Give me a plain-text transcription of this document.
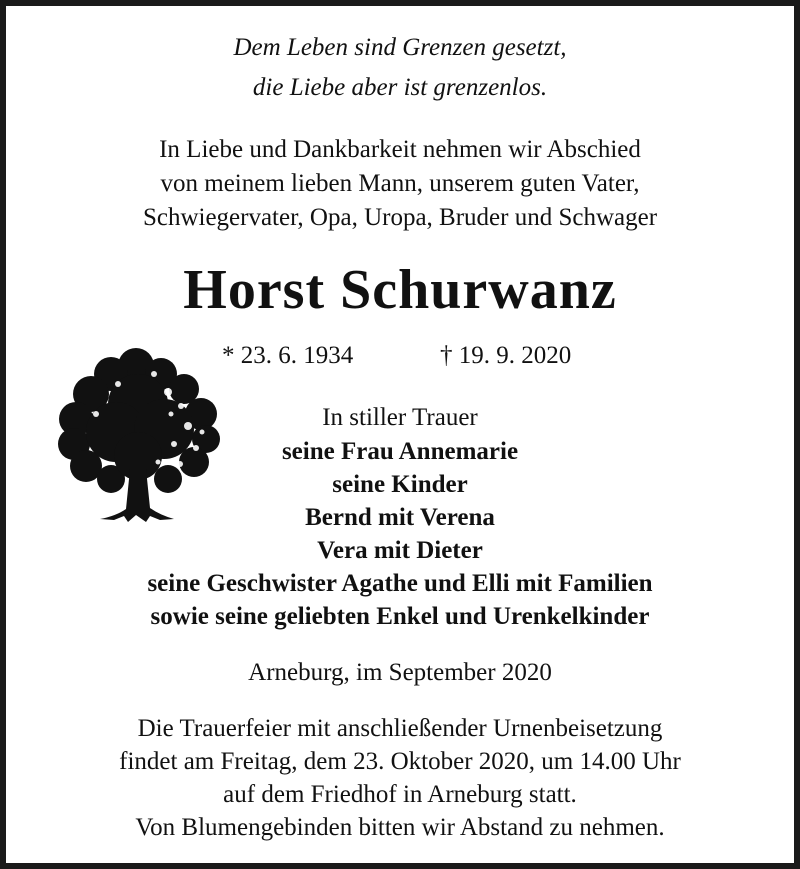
Dem Leben sind Grenzen gesetzt,
die Liebe aber ist grenzenlos.
In Liebe und Dankbarkeit nehmen wir Abschied
von meinem lieben Mann, unserem guten Vater,
Schwiegervater, Opa, Uropa, Bruder und Schwager
Horst Schurwanz
* 23. 6. 1934	† 19. 9. 2020
In stiller Trauer
seine Frau Annemarie
seine Kinder
Bernd mit Verena
Vera mit Dieter
seine Geschwister Agathe und Elli mit Familien
sowie seine geliebten Enkel und Urenkelkinder
Arneburg, im September 2020
Die Trauerfeier mit anschließender Urnenbeisetzung
findet am Freitag, dem 23. Oktober 2020, um 14.00 Uhr
auf dem Friedhof in Arneburg statt.
Von Blumengebinden bitten wir Abstand zu nehmen.
